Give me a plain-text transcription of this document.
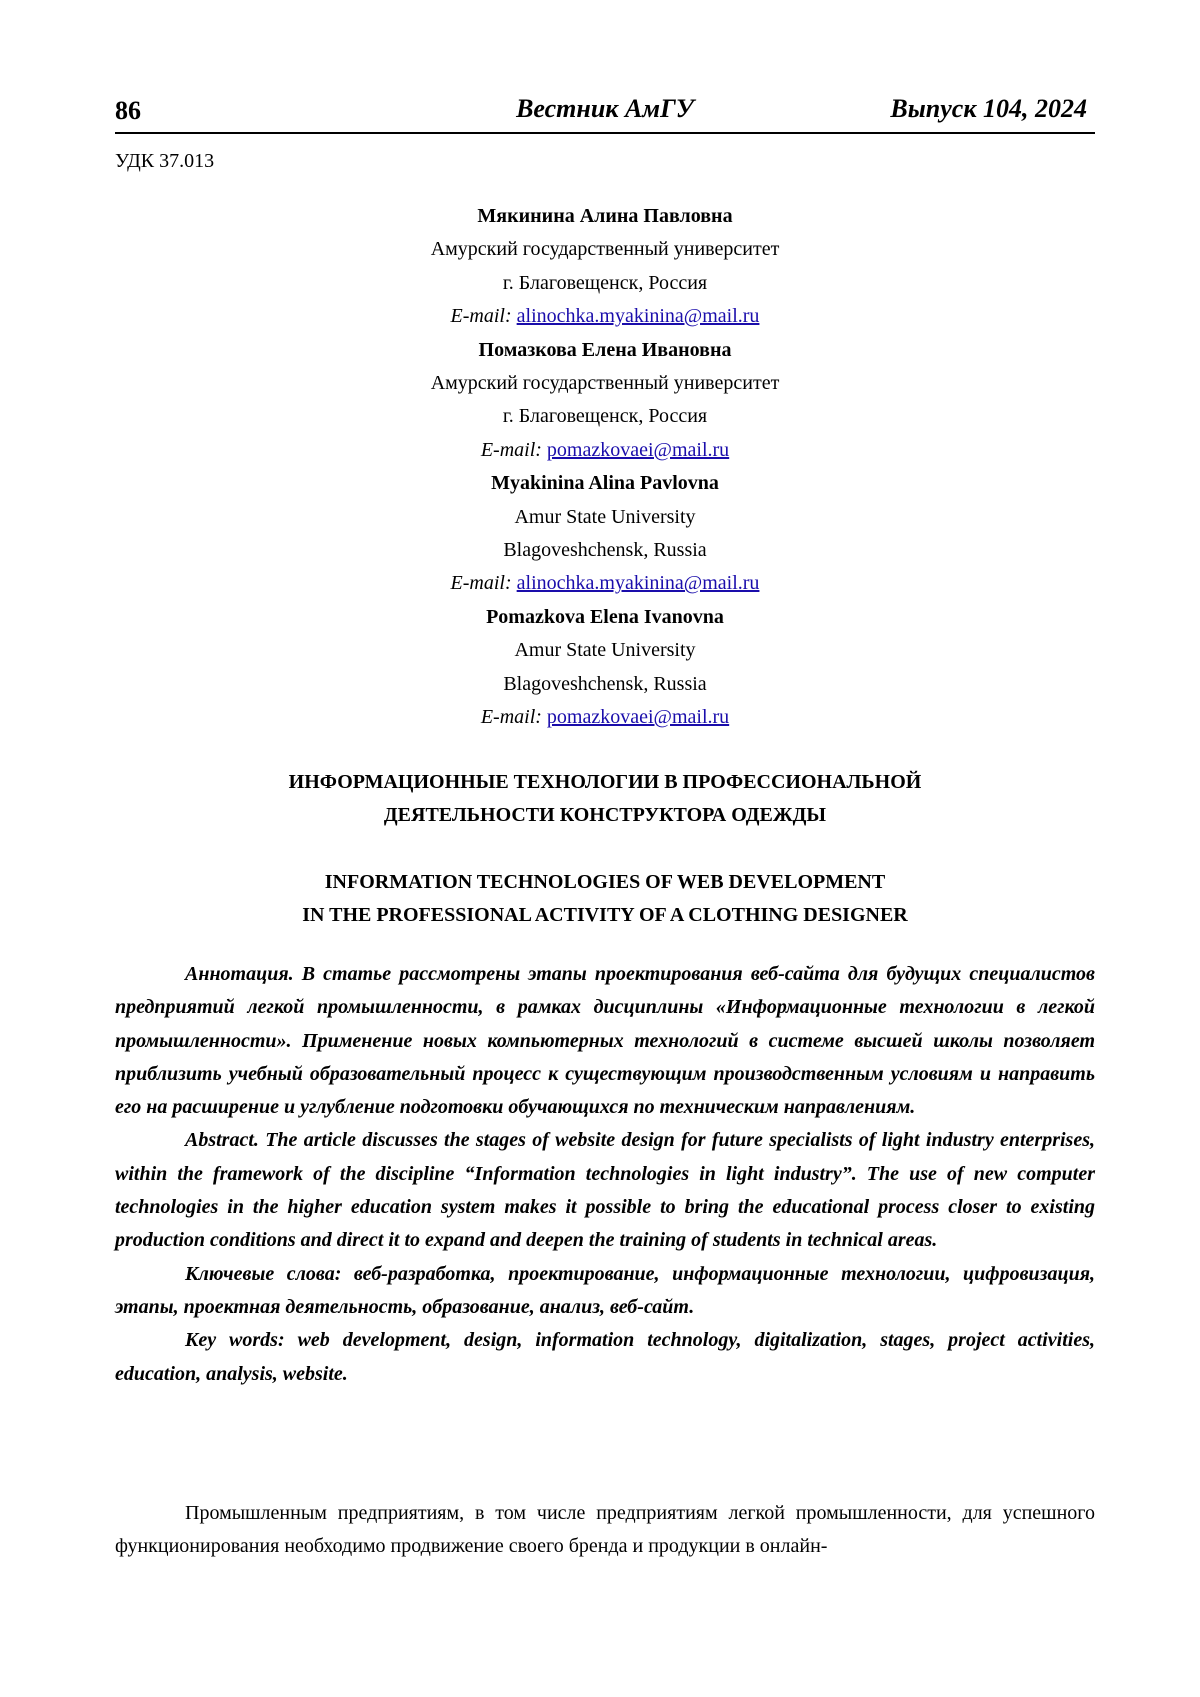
86	Вестник АмГУ	Выпуск 104, 2024
УДК 37.013
Мякинина Алина Павловна
Амурский государственный университет
г. Благовещенск, Россия
E-mail: alinochka.myakinina@mail.ru
Помазкова Елена Ивановна
Амурский государственный университет
г. Благовещенск, Россия
E-mail: pomazkovaei@mail.ru
Myakinina Alina Pavlovna
Amur State University
Blagoveshchensk, Russia
E-mail: alinochka.myakinina@mail.ru
Pomazkova Elena Ivanovna
Amur State University
Blagoveshchensk, Russia
E-mail: pomazkovaei@mail.ru
ИНФОРМАЦИОННЫЕ ТЕХНОЛОГИИ В ПРОФЕССИОНАЛЬНОЙ
ДЕЯТЕЛЬНОСТИ КОНСТРУКТОРА ОДЕЖДЫ
INFORMATION TECHNOLOGIES OF WEB DEVELOPMENT
IN THE PROFESSIONAL ACTIVITY OF A CLOTHING DESIGNER

Аннотация. В статье рассмотрены этапы проектирования веб-сайта для будущих специалистов предприятий легкой промышленности, в рамках дисциплины «Информационные технологии в легкой промышленности». Применение новых компьютерных технологий в системе высшей школы позволяет приблизить учебный образовательный процесс к существующим производственным условиям и направить его на расширение и углубление подготовки обучающихся по техническим направлениям.

Abstract. The article discusses the stages of website design for future specialists of light industry enterprises, within the framework of the discipline “Information technologies in light industry”. The use of new computer technologies in the higher education system makes it possible to bring the educational process closer to existing production conditions and direct it to expand and deepen the training of students in technical areas.

Ключевые слова: веб-разработка, проектирование, информационные технологии, цифровизация, этапы, проектная деятельность, образование, анализ, веб-сайт.

Key words: web development, design, information technology, digitalization, stages, project activities, education, analysis, website.

Промышленным предприятиям, в том числе предприятиям легкой промышленности, для успешного функционирования необходимо продвижение своего бренда и продукции в онлайн-
